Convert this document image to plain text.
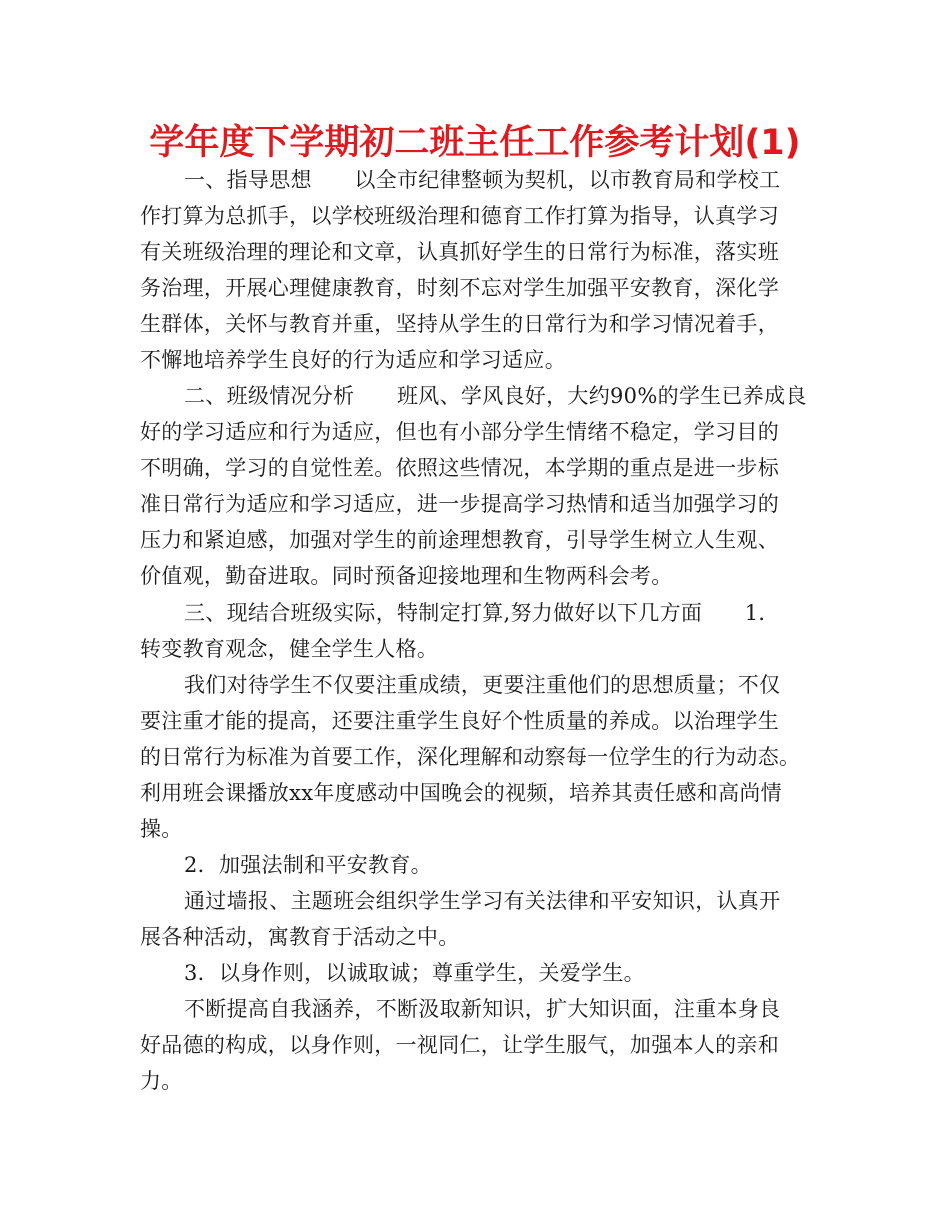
学年度下学期初二班主任工作参考计划(1)
一、指导思想　　以全市纪律整顿为契机，以市教育局和学校工
作打算为总抓手，以学校班级治理和德育工作打算为指导，认真学习
有关班级治理的理论和文章，认真抓好学生的日常行为标准，落实班
务治理，开展心理健康教育，时刻不忘对学生加强平安教育，深化学
生群体，关怀与教育并重，坚持从学生的日常行为和学习情况着手，
不懈地培养学生良好的行为适应和学习适应。
二、班级情况分析　　班风、学风良好，大约90%的学生已养成良
好的学习适应和行为适应，但也有小部分学生情绪不稳定，学习目的
不明确，学习的自觉性差。依照这些情况，本学期的重点是进一步标
准日常行为适应和学习适应，进一步提高学习热情和适当加强学习的
压力和紧迫感，加强对学生的前途理想教育，引导学生树立人生观、
价值观，勤奋进取。同时预备迎接地理和生物两科会考。
三、现结合班级实际，特制定打算,努力做好以下几方面　　1．
转变教育观念，健全学生人格。
我们对待学生不仅要注重成绩，更要注重他们的思想质量；不仅
要注重才能的提高，还要注重学生良好个性质量的养成。以治理学生
的日常行为标准为首要工作，深化理解和动察每一位学生的行为动态。
利用班会课播放xx年度感动中国晚会的视频，培养其责任感和高尚情
操。
2．加强法制和平安教育。
通过墙报、主题班会组织学生学习有关法律和平安知识，认真开
展各种活动，寓教育于活动之中。
3．以身作则，以诚取诚；尊重学生，关爱学生。
不断提高自我涵养，不断汲取新知识，扩大知识面，注重本身良
好品德的构成，以身作则，一视同仁，让学生服气，加强本人的亲和
力。
